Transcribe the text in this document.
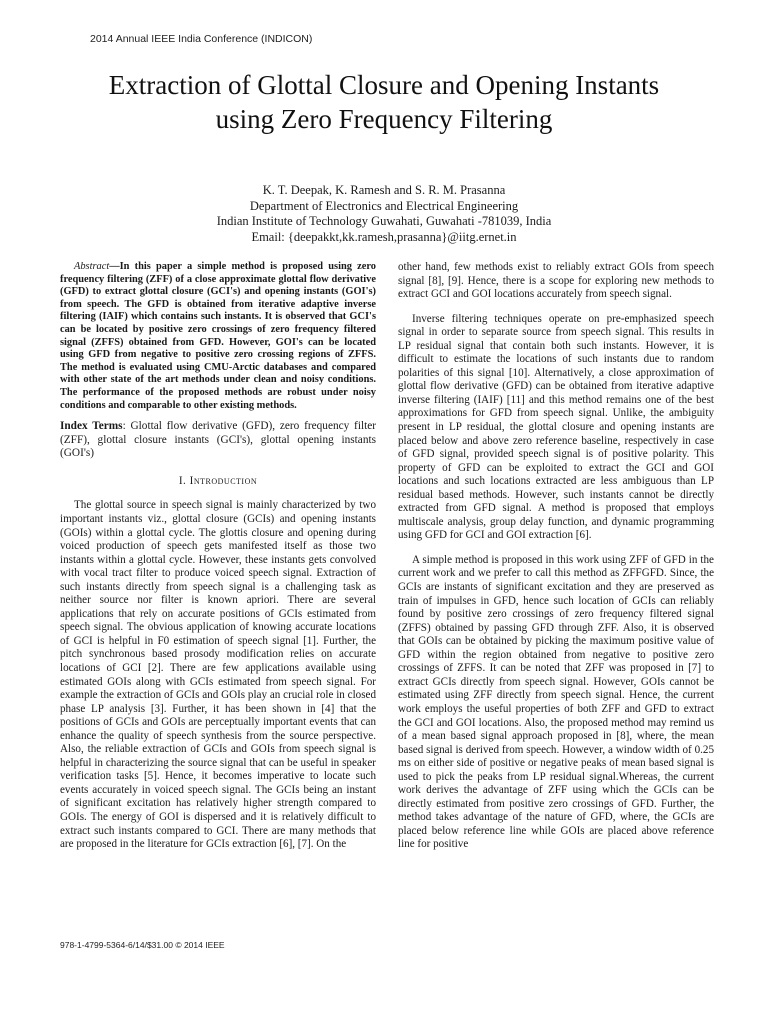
2014 Annual IEEE India Conference (INDICON)
Extraction of Glottal Closure and Opening Instants
using Zero Frequency Filtering
K. T. Deepak, K. Ramesh and S. R. M. Prasanna
Department of Electronics and Electrical Engineering
Indian Institute of Technology Guwahati, Guwahati -781039, India
Email: {deepakkt,kk.ramesh,prasanna}@iitg.ernet.in

Abstract—In this paper a simple method is proposed using zero frequency filtering (ZFF) of a close approximate glottal flow derivative (GFD) to extract glottal closure (GCI's) and opening instants (GOI's) from speech. The GFD is obtained from iterative adaptive inverse filtering (IAIF) which contains such instants. It is observed that GCI's can be located by positive zero crossings of zero frequency filtered signal (ZFFS) obtained from GFD. However, GOI's can be located using GFD from negative to positive zero crossing regions of ZFFS. The method is evaluated using CMU-Arctic databases and compared with other state of the art methods under clean and noisy conditions. The performance of the proposed methods are robust under noisy conditions and comparable to other existing methods.

Index Terms: Glottal flow derivative (GFD), zero frequency filter (ZFF), glottal closure instants (GCI's), glottal opening instants (GOI's)

I. Introduction

The glottal source in speech signal is mainly characterized by two important instants viz., glottal closure (GCIs) and opening instants (GOIs) within a glottal cycle. The glottis closure and opening during voiced production of speech gets manifested itself as those two instants within a glottal cycle. However, these instants gets convolved with vocal tract filter to produce voiced speech signal. Extraction of such instants directly from speech signal is a challenging task as neither source nor filter is known apriori. There are several applications that rely on accurate positions of GCIs estimated from speech signal. The obvious application of knowing accurate locations of GCI is helpful in F0 estimation of speech signal [1]. Further, the pitch synchronous based prosody modification relies on accurate locations of GCI [2]. There are few applications available using estimated GOIs along with GCIs estimated from speech signal. For example the extraction of GCIs and GOIs play an crucial role in closed phase LP analysis [3]. Further, it has been shown in [4] that the positions of GCIs and GOIs are perceptually important events that can enhance the quality of speech synthesis from the source perspective. Also, the reliable extraction of GCIs and GOIs from speech signal is helpful in characterizing the source signal that can be useful in speaker verification tasks [5]. Hence, it becomes imperative to locate such events accurately in voiced speech signal. The GCIs being an instant of significant excitation has relatively higher strength compared to GOIs. The energy of GOI is dispersed and it is relatively difficult to extract such instants compared to GCI. There are many methods that are proposed in the literature for GCIs extraction [6], [7]. On the

other hand, few methods exist to reliably extract GOIs from speech signal [8], [9]. Hence, there is a scope for exploring new methods to extract GCI and GOI locations accurately from speech signal.

Inverse filtering techniques operate on pre-emphasized speech signal in order to separate source from speech signal. This results in LP residual signal that contain both such instants. However, it is difficult to estimate the locations of such instants due to random polarities of this signal [10]. Alternatively, a close approximation of glottal flow derivative (GFD) can be obtained from iterative adaptive inverse filtering (IAIF) [11] and this method remains one of the best approximations for GFD from speech signal. Unlike, the ambiguity present in LP residual, the glottal closure and opening instants are placed below and above zero reference baseline, respectively in case of GFD signal, provided speech signal is of positive polarity. This property of GFD can be exploited to extract the GCI and GOI locations and such locations extracted are less ambiguous than LP residual based methods. However, such instants cannot be directly extracted from GFD signal. A method is proposed that employs multiscale analysis, group delay function, and dynamic programming using GFD for GCI and GOI extraction [6].

A simple method is proposed in this work using ZFF of GFD in the current work and we prefer to call this method as ZFFGFD. Since, the GCIs are instants of significant excitation and they are preserved as train of impulses in GFD, hence such location of GCIs can reliably found by positive zero crossings of zero frequency filtered signal (ZFFS) obtained by passing GFD through ZFF. Also, it is observed that GOIs can be obtained by picking the maximum positive value of GFD within the region obtained from negative to positive zero crossings of ZFFS. It can be noted that ZFF was proposed in [7] to extract GCIs directly from speech signal. However, GOIs cannot be estimated using ZFF directly from speech signal. Hence, the current work employs the useful properties of both ZFF and GFD to extract the GCI and GOI locations. Also, the proposed method may remind us of a mean based signal approach proposed in [8], where, the mean based signal is derived from speech. However, a window width of 0.25 ms on either side of positive or negative peaks of mean based signal is used to pick the peaks from LP residual signal.Whereas, the current work derives the advantage of ZFF using which the GCIs can be directly estimated from positive zero crossings of GFD. Further, the method takes advantage of the nature of GFD, where, the GCIs are placed below reference line while GOIs are placed above reference line for positive

978-1-4799-5364-6/14/$31.00 © 2014 IEEE
